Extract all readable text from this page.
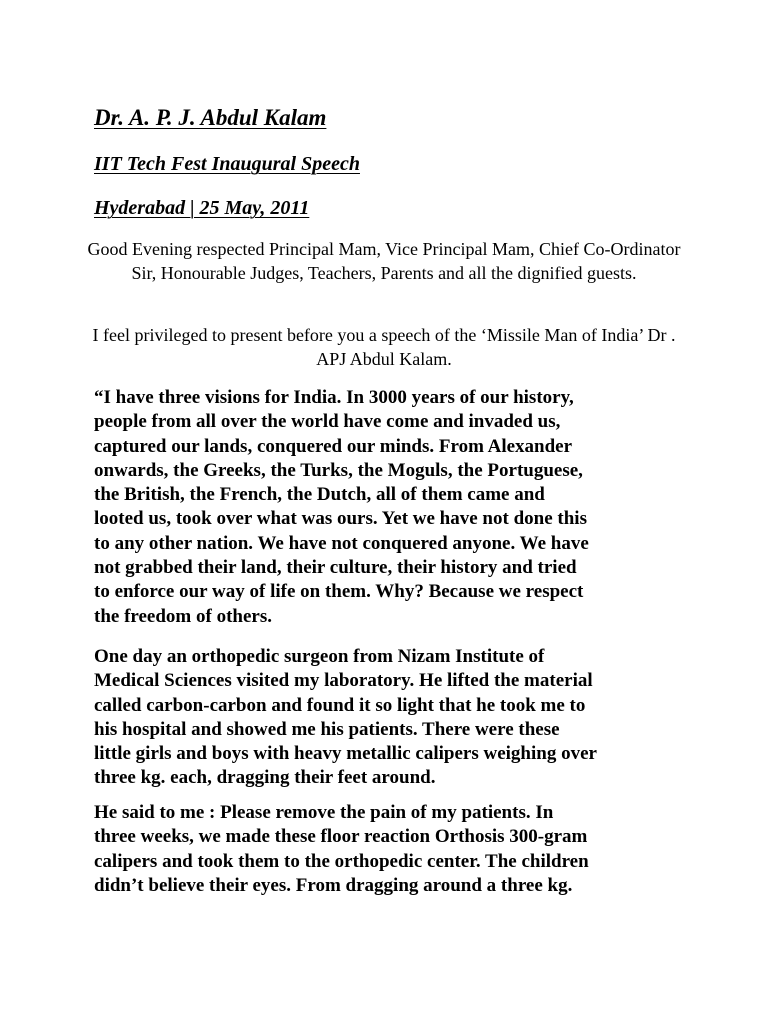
Dr. A. P. J. Abdul Kalam
IIT Tech Fest Inaugural Speech
Hyderabad | 25 May, 2011

Good Evening respected Principal Mam, Vice Principal Mam, Chief Co-Ordinator Sir, Honourable Judges, Teachers, Parents and all the dignified guests.

I feel privileged to present before you a speech of the ‘Missile Man of India’ Dr . APJ Abdul Kalam.

“I have three visions for India. In 3000 years of our history,
people from all over the world have come and invaded us,
captured our lands, conquered our minds. From Alexander
onwards, the Greeks, the Turks, the Moguls, the Portuguese,
the British, the French, the Dutch, all of them came and
looted us, took over what was ours. Yet we have not done this
to any other nation. We have not conquered anyone. We have
not grabbed their land, their culture, their history and tried
to enforce our way of life on them. Why? Because we respect
the freedom of others.

One day an orthopedic surgeon from Nizam Institute of
Medical Sciences visited my laboratory. He lifted the material
called carbon-carbon and found it so light that he took me to
his hospital and showed me his patients. There were these
little girls and boys with heavy metallic calipers weighing over
three kg. each, dragging their feet around.

He said to me : Please remove the pain of my patients. In
three weeks, we made these floor reaction Orthosis 300-gram
calipers and took them to the orthopedic center. The children
didn’t believe their eyes. From dragging around a three kg.
